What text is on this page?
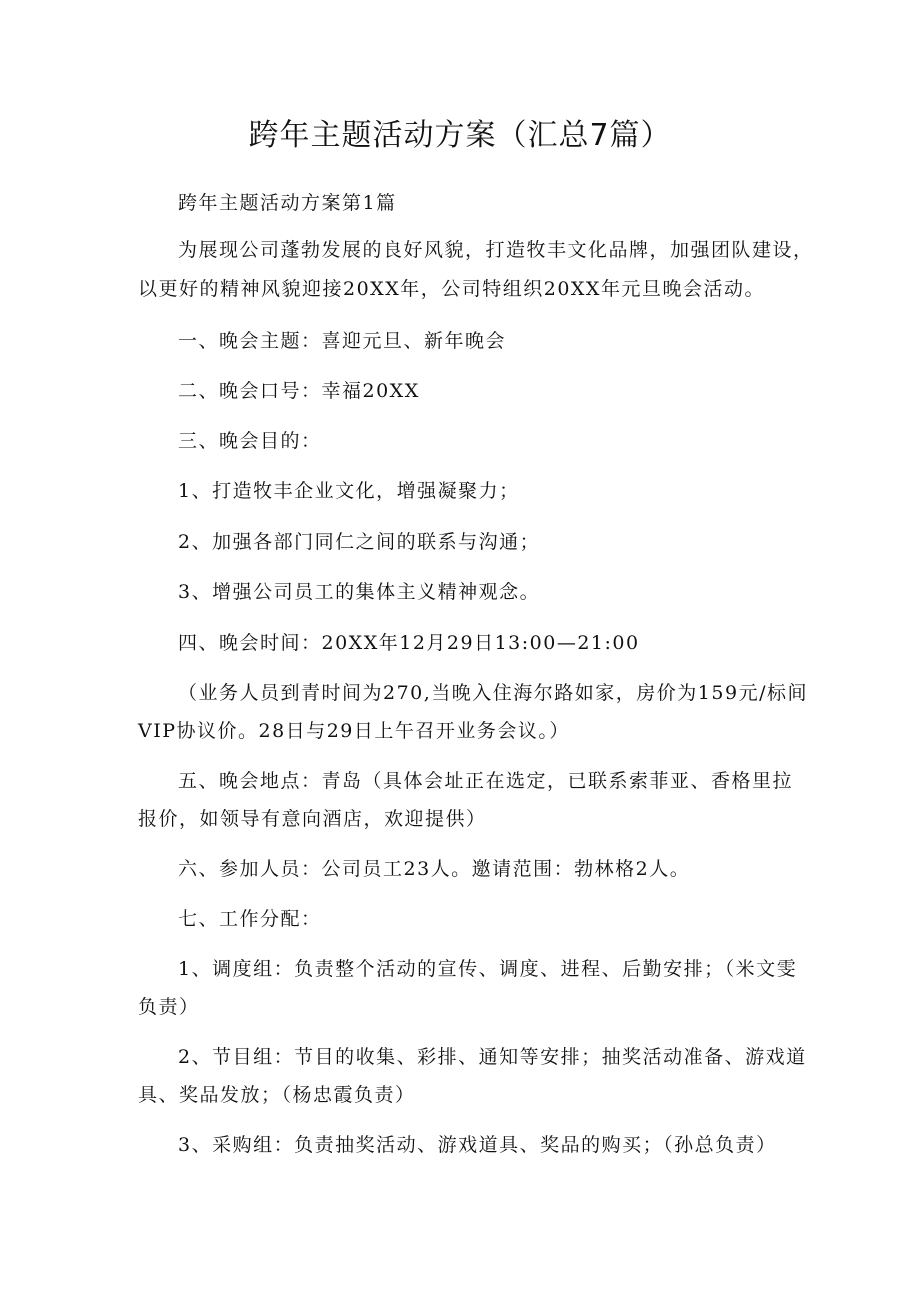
跨年主题活动方案（汇总7篇）

跨年主题活动方案第1篇

为展现公司蓬勃发展的良好风貌，打造牧丰文化品牌，加强团队建设，

以更好的精神风貌迎接20XX年，公司特组织20XX年元旦晚会活动。

一、晚会主题：喜迎元旦、新年晚会

二、晚会口号：幸福20XX

三、晚会目的：

1、打造牧丰企业文化，增强凝聚力；

2、加强各部门同仁之间的联系与沟通；

3、增强公司员工的集体主义精神观念。

四、晚会时间：20XX年12月29日13:00—21:00

（业务人员到青时间为270,当晚入住海尔路如家，房价为159元/标间

VIP协议价。28日与29日上午召开业务会议。）

五、晚会地点：青岛（具体会址正在选定，已联系索菲亚、香格里拉

报价，如领导有意向酒店，欢迎提供）

六、参加人员：公司员工23人。邀请范围：勃林格2人。

七、工作分配：

1、调度组：负责整个活动的宣传、调度、进程、后勤安排；（米文雯

负责）

2、节目组：节目的收集、彩排、通知等安排；抽奖活动准备、游戏道

具、奖品发放；（杨忠霞负责）

3、采购组：负责抽奖活动、游戏道具、奖品的购买；（孙总负责）
